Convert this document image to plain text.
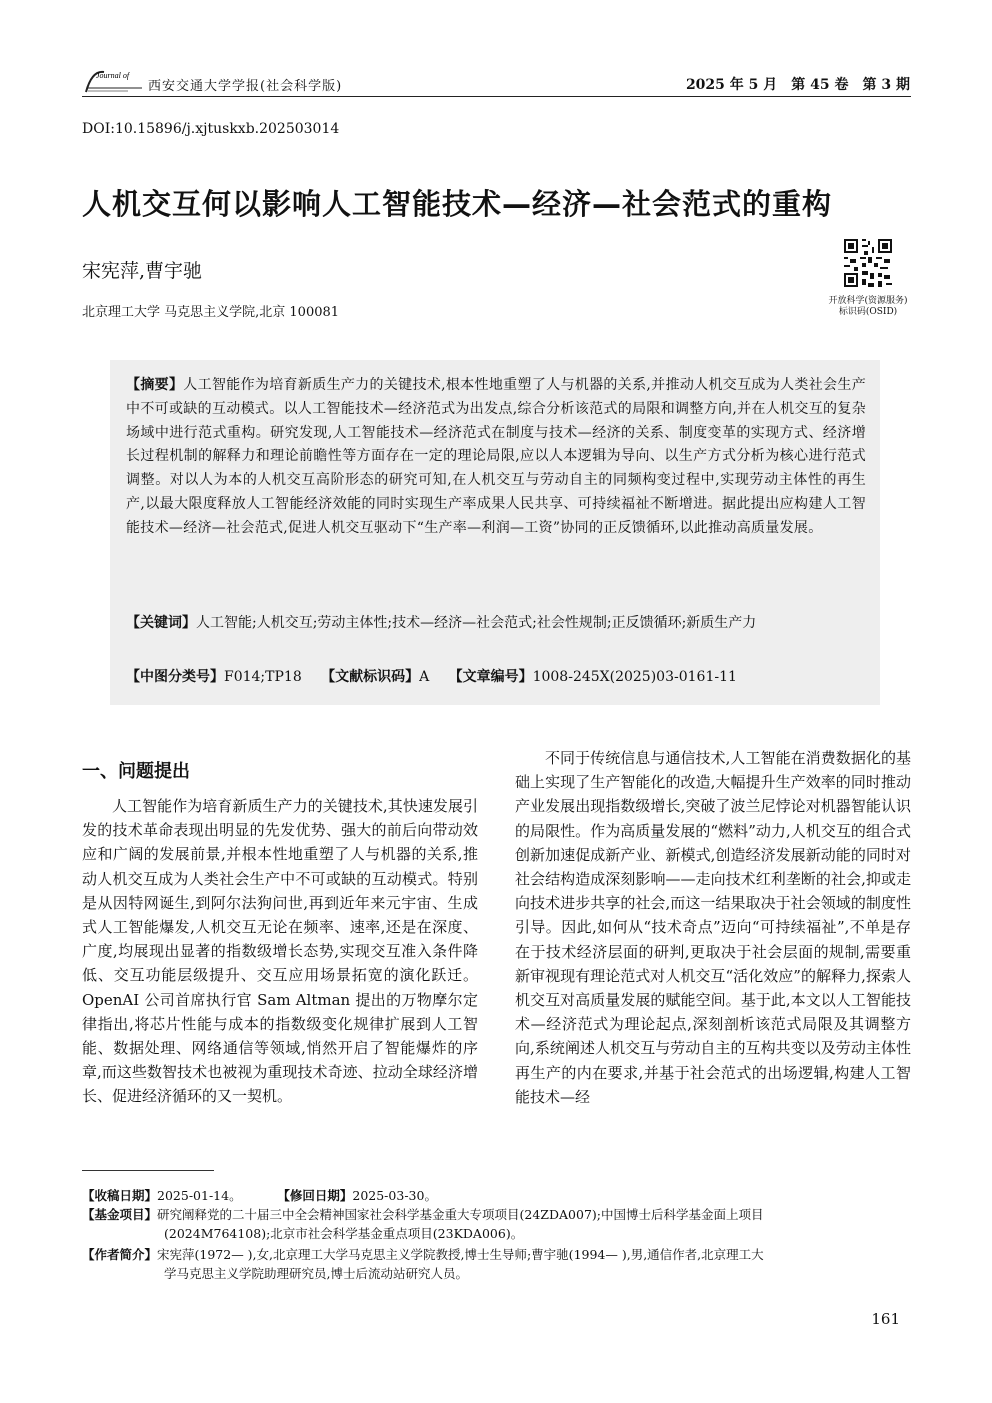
Journal of
西安交通大学学报(社会科学版)	2025 年 5 月　第 45 卷　第 3 期
DOI:10.15896/j.xjtuskxb.202503014
人机交互何以影响人工智能技术—经济—社会范式的重构
宋宪萍,曹宇驰
北京理工大学 马克思主义学院,北京 100081
开放科学(资源服务)
标识码(OSID)
【摘要】人工智能作为培育新质生产力的关键技术,根本性地重塑了人与机器的关系,并推动人机交互成为人类社会生产中不可或缺的互动模式。以人工智能技术—经济范式为出发点,综合分析该范式的局限和调整方向,并在人机交互的复杂场域中进行范式重构。研究发现,人工智能技术—经济范式在制度与技术—经济的关系、制度变革的实现方式、经济增长过程机制的解释力和理论前瞻性等方面存在一定的理论局限,应以人本逻辑为导向、以生产方式分析为核心进行范式调整。对以人为本的人机交互高阶形态的研究可知,在人机交互与劳动自主的同频构变过程中,实现劳动主体性的再生产,以最大限度释放人工智能经济效能的同时实现生产率成果人民共享、可持续福祉不断增进。据此提出应构建人工智能技术—经济—社会范式,促进人机交互驱动下“生产率—利润—工资”协同的正反馈循环,以此推动高质量发展。
【关键词】人工智能;人机交互;劳动主体性;技术—经济—社会范式;社会性规制;正反馈循环;新质生产力
【中图分类号】F014;TP18 【文献标识码】A 【文章编号】1008-245X(2025)03-0161-11
一、问题提出

人工智能作为培育新质生产力的关键技术,其快速发展引发的技术革命表现出明显的先发优势、强大的前后向带动效应和广阔的发展前景,并根本性地重塑了人与机器的关系,推动人机交互成为人类社会生产中不可或缺的互动模式。特别是从因特网诞生,到阿尔法狗问世,再到近年来元宇宙、生成式人工智能爆发,人机交互无论在频率、速率,还是在深度、广度,均展现出显著的指数级增长态势,实现交互准入条件降低、交互功能层级提升、交互应用场景拓宽的演化跃迁。OpenAI 公司首席执行官 Sam Altman 提出的万物摩尔定律指出,将芯片性能与成本的指数级变化规律扩展到人工智能、数据处理、网络通信等领域,悄然开启了智能爆炸的序章,而这些数智技术也被视为重现技术奇迹、拉动全球经济增长、促进经济循环的又一契机。

不同于传统信息与通信技术,人工智能在消费数据化的基础上实现了生产智能化的改造,大幅提升生产效率的同时推动产业发展出现指数级增长,突破了波兰尼悖论对机器智能认识的局限性。作为高质量发展的“燃料”动力,人机交互的组合式创新加速促成新产业、新模式,创造经济发展新动能的同时对社会结构造成深刻影响——走向技术红利垄断的社会,抑或走向技术进步共享的社会,而这一结果取决于社会领域的制度性引导。因此,如何从“技术奇点”迈向“可持续福祉”,不单是存在于技术经济层面的研判,更取决于社会层面的规制,需要重新审视现有理论范式对人机交互“活化效应”的解释力,探索人机交互对高质量发展的赋能空间。基于此,本文以人工智能技术—经济范式为理论起点,深刻剖析该范式局限及其调整方向,系统阐述人机交互与劳动自主的互构共变以及劳动主体性再生产的内在要求,并基于社会范式的出场逻辑,构建人工智能技术—经

【收稿日期】2025-01-14。	【修回日期】2025-03-30。
【基金项目】研究阐释党的二十届三中全会精神国家社会科学基金重大专项项目(24ZDA007);中国博士后科学基金面上项目
(2024M764108);北京市社会科学基金重点项目(23KDA006)。
【作者简介】宋宪萍(1972— ),女,北京理工大学马克思主义学院教授,博士生导师;曹宇驰(1994— ),男,通信作者,北京理工大
学马克思主义学院助理研究员,博士后流动站研究人员。
161
